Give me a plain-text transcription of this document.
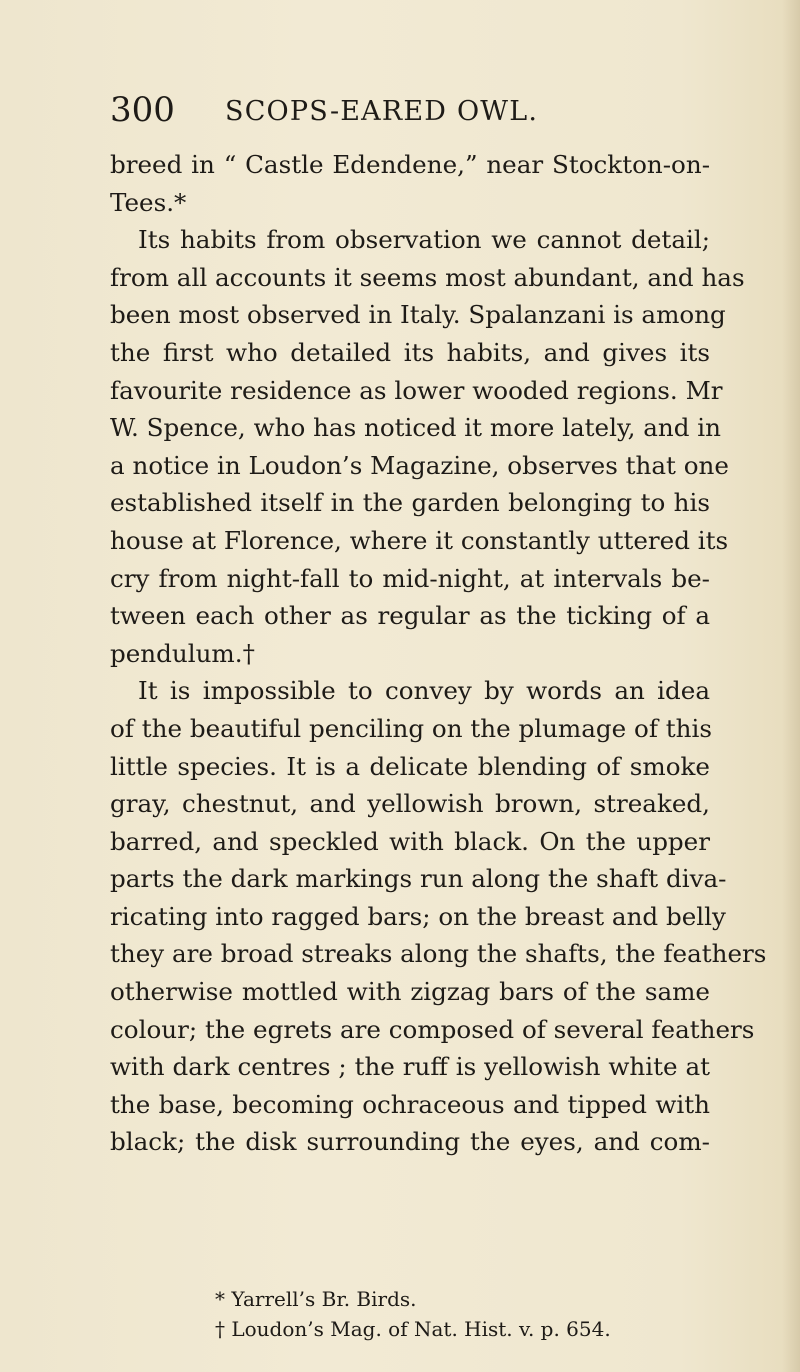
300 SCOPS-EARED OWL.
breed in “ Castle Edendene,” near Stockton-on-
Tees.*
Its habits from observation we cannot detail;
from all accounts it seems most abundant, and has
been most observed in Italy. Spalanzani is among
the first who detailed its habits, and gives its
favourite residence as lower wooded regions. Mr
W. Spence, who has noticed it more lately, and in
a notice in Loudon’s Magazine, observes that one
established itself in the garden belonging to his
house at Florence, where it constantly uttered its
cry from night-fall to mid-night, at intervals be-
tween each other as regular as the ticking of a
pendulum.†
It is impossible to convey by words an idea
of the beautiful penciling on the plumage of this
little species. It is a delicate blending of smoke
gray, chestnut, and yellowish brown, streaked,
barred, and speckled with black. On the upper
parts the dark markings run along the shaft diva-
ricating into ragged bars; on the breast and belly
they are broad streaks along the shafts, the feathers
otherwise mottled with zigzag bars of the same
colour; the egrets are composed of several feathers
with dark centres ; the ruff is yellowish white at
the base, becoming ochraceous and tipped with
black; the disk surrounding the eyes, and com-
* Yarrell’s Br. Birds.
† Loudon’s Mag. of Nat. Hist. v. p. 654.
